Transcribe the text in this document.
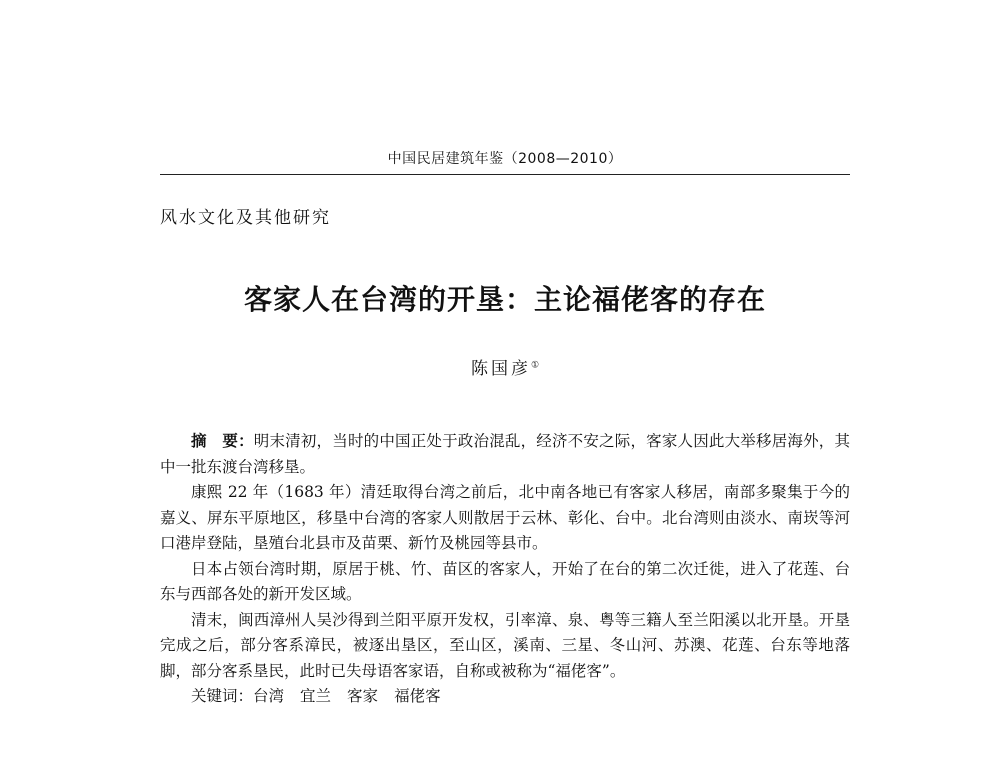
中国民居建筑年鉴（2008—2010）
风水文化及其他研究
客家人在台湾的开垦：主论福佬客的存在
陈国彦①

摘　要：明末清初，当时的中国正处于政治混乱，经济不安之际，客家人因此大举移居海外，其中一批东渡台湾移垦。

康熙 22 年（1683 年）清廷取得台湾之前后，北中南各地已有客家人移居，南部多聚集于今的嘉义、屏东平原地区，移垦中台湾的客家人则散居于云林、彰化、台中。北台湾则由淡水、南崁等河口港岸登陆，垦殖台北县市及苗栗、新竹及桃园等县市。

日本占领台湾时期，原居于桃、竹、苗区的客家人，开始了在台的第二次迁徙，进入了花莲、台东与西部各处的新开发区域。

清末，闽西漳州人吴沙得到兰阳平原开发权，引率漳、泉、粤等三籍人至兰阳溪以北开垦。开垦完成之后，部分客系漳民，被逐出垦区，至山区，溪南、三星、冬山河、苏澳、花莲、台东等地落脚，部分客系垦民，此时已失母语客家语，自称或被称为“福佬客”。

关键词：台湾 宜兰 客家 福佬客
